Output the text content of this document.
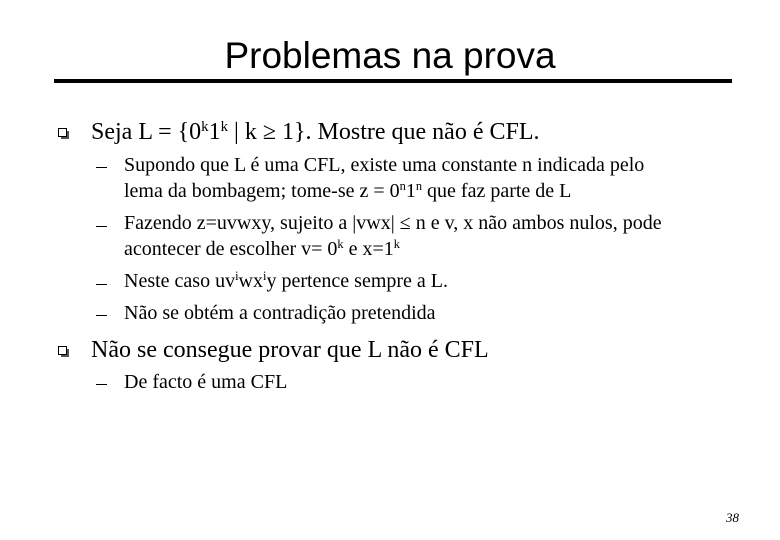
Problemas na prova
Seja $L = \{0^k1^k$ | k ≥ 1}. Mostre que não é CFL.
Supondo que L é uma CFL, existe uma constante n indicada pelo
lema da bombagem; tome-se $z = 0^n1^n$ que faz parte de L
Fazendo z=uvwxy, sujeito a |vwx| ≤ n e v, x não ambos nulos, pode
acontecer de escolher $v= 0^k$ e $x=1^k$
Neste caso $uv^iwx^iy$ pertence sempre a L.
Não se obtém a contradição pretendida
Não se consegue provar que L não é CFL
De facto é uma CFL
38
